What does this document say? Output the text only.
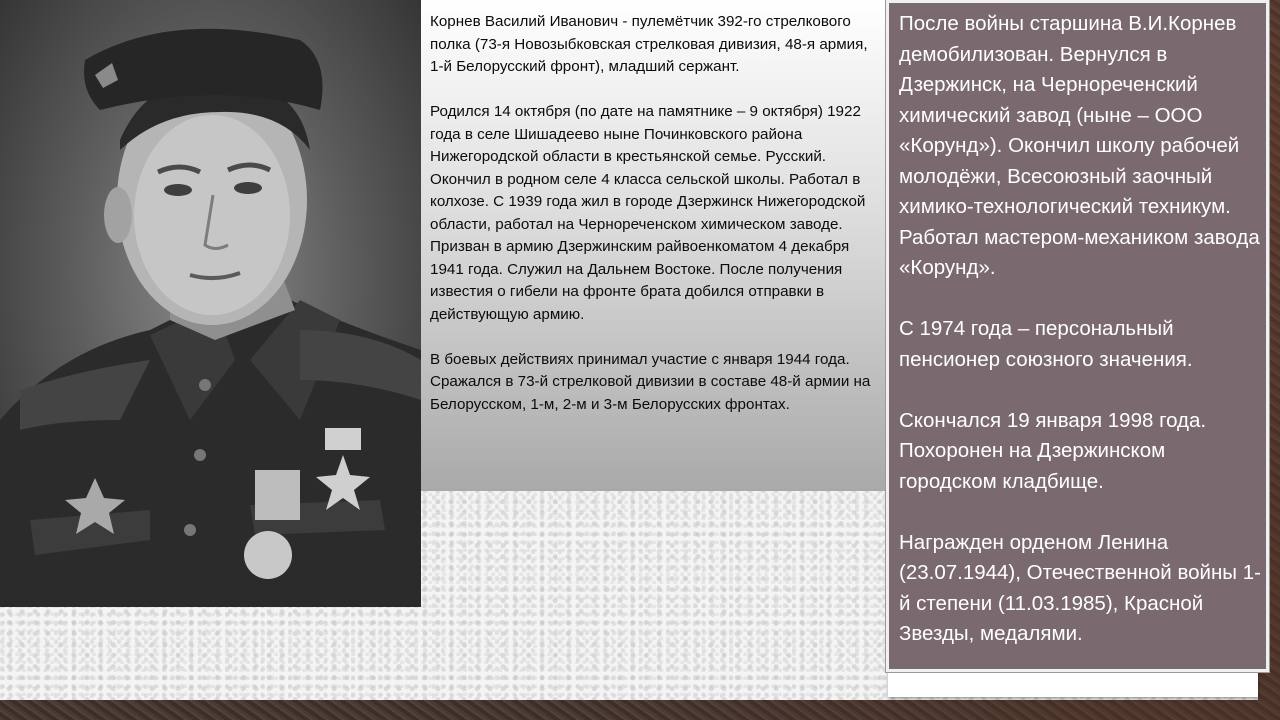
Корнев Василий Иванович - пулемётчик 392-го стрелкового полка (73-я Новозыбковская стрелковая дивизия, 48-я армия, 1-й Белорусский фронт), младший сержант.

Родился 14 октября (по дате на памятнике – 9 октября) 1922 года в селе Шишадеево ныне Починковского района Нижегородской области в крестьянской семье. Русский. Окончил в родном селе 4 класса сельской школы. Работал в колхозе. С 1939 года жил в городе Дзержинск Нижегородской области, работал на Чернореченском химическом заводе. Призван в армию Дзержинским райвоенкоматом 4 декабря 1941 года. Служил на Дальнем Востоке. После получения известия о гибели на фронте брата добился отправки в действующую армию.

В боевых действиях принимал участие с января 1944 года. Сражался в 73-й стрелковой дивизии в составе 48-й армии на Белорусском, 1-м, 2-м и 3-м Белорусских фронтах.

После войны старшина В.И.Корнев демобилизован. Вернулся в Дзержинск, на Чернореченский химический завод (ныне – ООО «Корунд»). Окончил школу рабочей молодёжи, Всесоюзный заочный химико-технологический техникум. Работал мастером-механиком завода «Корунд».

С 1974 года – персональный пенсионер союзного значения.

Скончался 19 января 1998 года. Похоронен на Дзержинском городском кладбище.

Награжден орденом Ленина (23.07.1944), Отечественной войны 1-й степени (11.03.1985), Красной Звезды, медалями.
